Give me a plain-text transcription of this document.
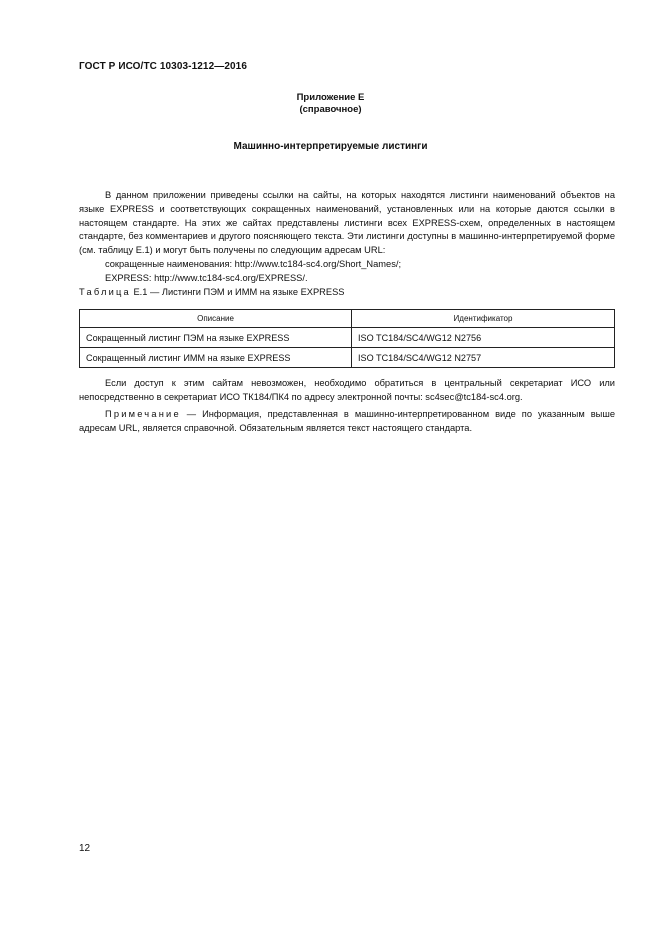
ГОСТ Р ИСО/ТС 10303-1212—2016
Приложение Е
(справочное)
Машинно-интерпретируемые листинги

В данном приложении приведены ссылки на сайты, на которых находятся листинги наименований объектов на языке EXPRESS и соответствующих сокращенных наименований, установленных или на которые даются ссылки в настоящем стандарте. На этих же сайтах представлены листинги всех EXPRESS-схем, определенных в настоящем стандарте, без комментариев и другого поясняющего текста. Эти листинги доступны в машинно-интерпретируемой форме (см. таблицу Е.1) и могут быть получены по следующим адресам URL:

сокращенные наименования: http://www.tc184-sc4.org/Short_Names/;

EXPRESS: http://www.tc184-sc4.org/EXPRESS/.

Таблица Е.1 — Листинги ПЭМ и ИММ на языке EXPRESS
Описание	Идентификатор
Сокращенный листинг ПЭМ на языке EXPRESS	ISO TC184/SC4/WG12 N2756
Сокращенный листинг ИММ на языке EXPRESS	ISO TC184/SC4/WG12 N2757

Если доступ к этим сайтам невозможен, необходимо обратиться в центральный секретариат ИСО или непосредственно в секретариат ИСО ТК184/ПК4 по адресу электронной почты: sc4sec@tc184-sc4.org.

Примечание — Информация, представленная в машинно-интерпретированном виде по указанным выше адресам URL, является справочной. Обязательным является текст настоящего стандарта.

12
